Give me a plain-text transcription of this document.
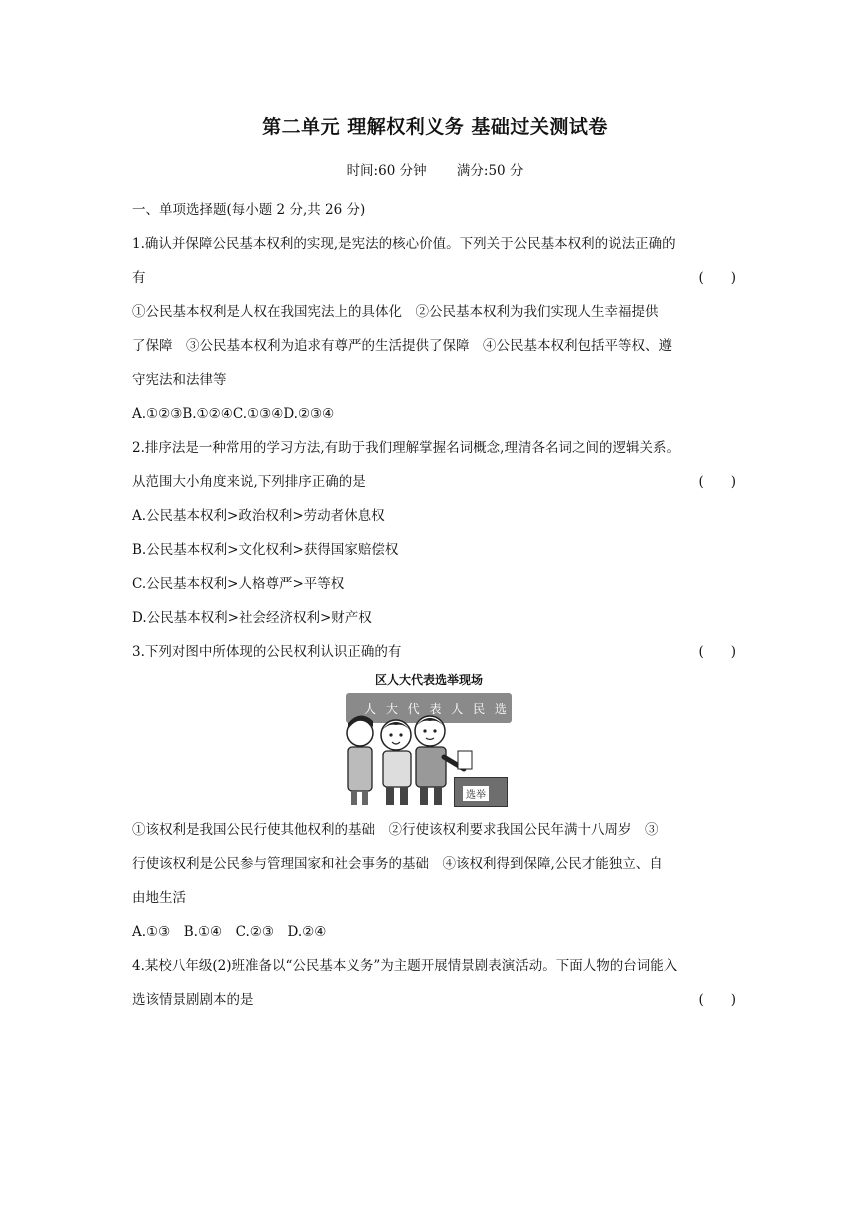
第二单元 理解权利义务 基础过关测试卷
时间:60 分钟 满分:50 分
一、单项选择题(每小题 2 分,共 26 分)
1.确认并保障公民基本权利的实现,是宪法的核心价值。下列关于公民基本权利的说法正确的
有	(　　)
①公民基本权利是人权在我国宪法上的具体化　②公民基本权利为我们实现人生幸福提供
了保障　③公民基本权利为追求有尊严的生活提供了保障　④公民基本权利包括平等权、遵
守宪法和法律等
A.①②③B.①②④C.①③④D.②③④
2.排序法是一种常用的学习方法,有助于我们理解掌握名词概念,理清各名词之间的逻辑关系。
从范围大小角度来说,下列排序正确的是	(　　)
A.公民基本权利>政治权利>劳动者休息权
B.公民基本权利>文化权利>获得国家赔偿权
C.公民基本权利>人格尊严>平等权
D.公民基本权利>社会经济权利>财产权
3.下列对图中所体现的公民权利认识正确的有	(　　)
区人大代表选举现场
人 大 代 表 人 民 选
选举
①该权利是我国公民行使其他权利的基础　②行使该权利要求我国公民年满十八周岁　③
行使该权利是公民参与管理国家和社会事务的基础　④该权利得到保障,公民才能独立、自
由地生活
A.①③　B.①④　C.②③　D.②④
4.某校八年级(2)班准备以“公民基本义务”为主题开展情景剧表演活动。下面人物的台词能入
选该情景剧剧本的是	(　　)
